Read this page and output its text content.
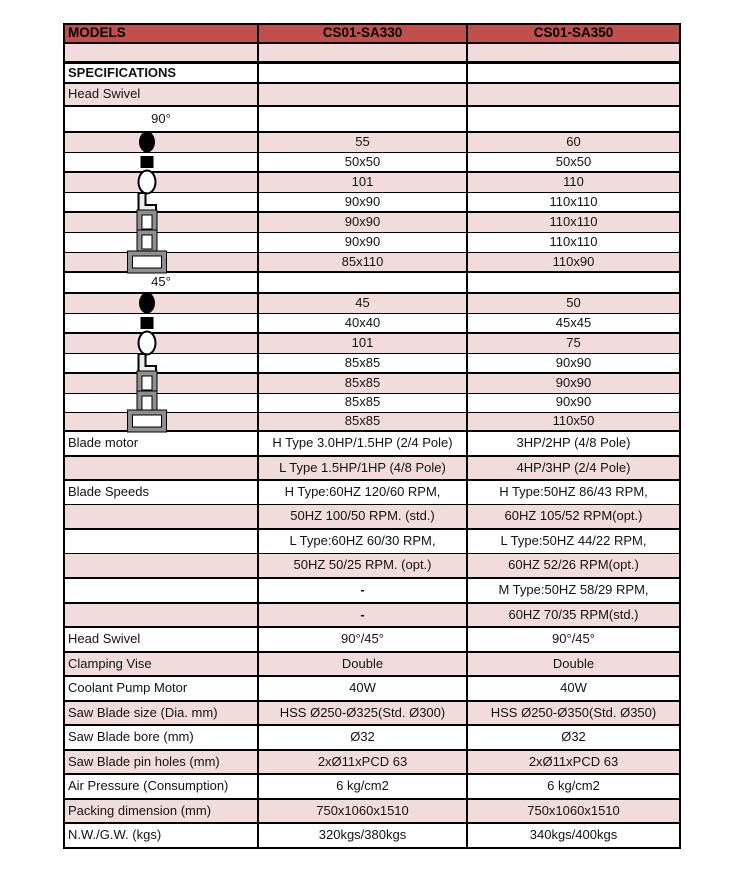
MODELS	CS01-SA330	CS01-SA350

SPECIFICATIONS		
Head Swivel		
90°		

	55	60

	50x50	50x50

	101	110

	90x90	110x110

	90x90	110x110

	90x90	110x110

	85x110	110x90
45°		

	45	50

	40x40	45x45

	101	75

	85x85	90x90

	85x85	90x90

	85x85	90x90

	85x85	110x50
Blade motor	H Type 3.0HP/1.5HP (2/4 Pole)	3HP/2HP (4/8 Pole)
	L Type 1.5HP/1HP (4/8 Pole)	4HP/3HP (2/4 Pole)
Blade Speeds	H Type:60HZ 120/60 RPM,	H Type:50HZ 86/43 RPM,
	50HZ 100/50 RPM. (std.)	60HZ 105/52 RPM(opt.)
	L Type:60HZ 60/30 RPM,	L Type:50HZ 44/22 RPM,
	50HZ 50/25 RPM. (opt.)	60HZ 52/26 RPM(opt.)
	-	M Type:50HZ 58/29 RPM,
	-	60HZ 70/35 RPM(std.)
Head Swivel	90°/45°	90°/45°
Clamping Vise	Double	Double
Coolant Pump Motor	40W	40W
Saw Blade size (Dia. mm)	HSS Ø250-Ø325(Std. Ø300)	HSS Ø250-Ø350(Std. Ø350)
Saw Blade bore (mm)	Ø32	Ø32
Saw Blade pin holes (mm)	2xØ11xPCD 63	2xØ11xPCD 63
Air Pressure (Consumption)	6 kg/cm2	6 kg/cm2
Packing dimension (mm)	750x1060x1510	750x1060x1510
N.W./G.W. (kgs)	320kgs/380kgs	340kgs/400kgs
